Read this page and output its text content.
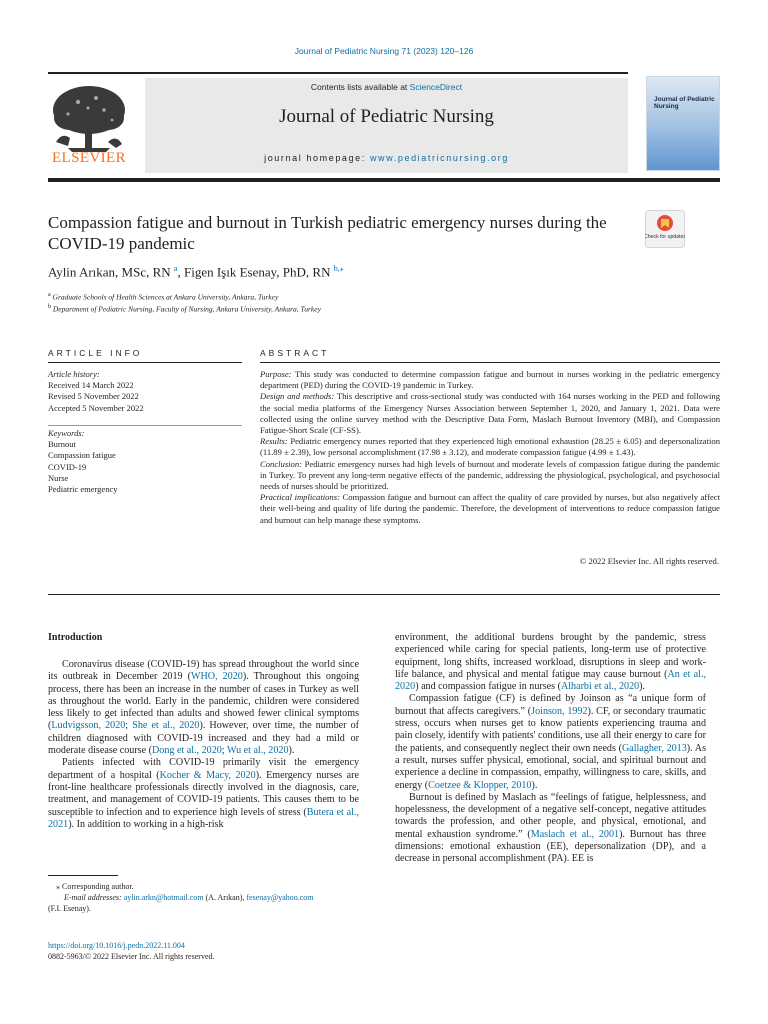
Journal of Pediatric Nursing 71 (2023) 120–126
ELSEVIER
Contents lists available at ScienceDirect
Journal of Pediatric Nursing
journal homepage: www.pediatricnursing.org
Journal of Pediatric Nursing
Compassion fatigue and burnout in Turkish pediatric emergency nurses during the COVID-19 pandemic	Check for updates
Aylin Arıkan, MSc, RN $^a$, Figen Işık Esenay, PhD, RN $^{b,⁎}$
$^a$ Graduate Schools of Health Sciences at Ankara University, Ankara, Turkey
$^b$ Department of Pediatric Nursing, Faculty of Nursing, Ankara University, Ankara, Turkey
ARTICLE INFO
Article history:
Received 14 March 2022
Revised 5 November 2022
Accepted 5 November 2022
Keywords:
Burnout
Compassion fatigue
COVID-19
Nurse
Pediatric emergency
ABSTRACT
Purpose: This study was conducted to determine compassion fatigue and burnout in nurses working in the pediatric emergency department (PED) during the COVID-19 pandemic in Turkey.
Design and methods: This descriptive and cross-sectional study was conducted with 164 nurses working in the PED and following the social media platforms of the Emergency Nurses Association between September 1, 2020, and January 1, 2021. Data were collected using the online survey method with the Descriptive Data Form, Maslach Burnout Inventory (MBI), and Compassion Fatigue-Short Scale (CF-SS).
Results: Pediatric emergency nurses reported that they experienced high emotional exhaustion (28.25 ± 6.05) and depersonalization (11.89 ± 2.39), low personal accomplishment (17.98 ± 3.12), and moderate compassion fatigue (4.99 ± 1.43).
Conclusion: Pediatric emergency nurses had high levels of burnout and moderate levels of compassion fatigue during the pandemic in Turkey. To prevent any long-term negative effects of the pandemic, addressing the physiological, psychological, and psychosocial needs of nurses should be prioritized.
Practical implications: Compassion fatigue and burnout can affect the quality of care provided by nurses, but also negatively affect their well-being and quality of life during the pandemic. Therefore, the development of interventions to reduce compassion fatigue and burnout can help manage these symptoms.
© 2022 Elsevier Inc. All rights reserved.
Introduction

Coronavirus disease (COVID-19) has spread throughout the world since its outbreak in December 2019 (WHO, 2020). Throughout this ongoing process, there has been an increase in the number of cases in Turkey as well as throughout the world. Early in the pandemic, children were considered less likely to get infected than adults and showed fewer clinical symptoms (Ludvigsson, 2020; She et al., 2020). However, over time, the number of children diagnosed with COVID-19 increased and they had a mild or moderate disease course (Dong et al., 2020; Wu et al., 2020).

Patients infected with COVID-19 primarily visit the emergency department of a hospital (Kocher & Macy, 2020). Emergency nurses are front-line healthcare professionals directly involved in the diagnosis, care, treatment, and management of COVID-19 patients. This causes them to be susceptible to infection and to experience high levels of stress (Butera et al., 2021). In addition to working in a high-risk

environment, the additional burdens brought by the pandemic, stress experienced while caring for special patients, long-term use of protective equipment, long shifts, increased workload, disruptions in sleep and work-life balance, and physical and mental fatigue may cause burnout (An et al., 2020) and compassion fatigue in nurses (Alharbi et al., 2020).

Compassion fatigue (CF) is defined by Joinson as “a unique form of burnout that affects caregivers.” (Joinson, 1992). CF, or secondary traumatic stress, occurs when nurses get to know patients experiencing trauma and pain closely, identify with patients' conditions, use all their energy to care for the patients, and consequently neglect their own needs (Gallagher, 2013). As a result, nurses suffer physical, emotional, social, and spiritual burnout and experience a decline in compassion, empathy, willingness to care, skills, and energy (Coetzee & Klopper, 2010).

Burnout is defined by Maslach as “feelings of fatigue, helplessness, and hopelessness, the development of a negative self-concept, negative attitudes towards the profession, and other people, and physical, emotional, and mental exhaustion syndrome.” (Maslach et al., 2001). Burnout has three dimensions: emotional exhaustion (EE), depersonalization (DP), and a decrease in personal accomplishment (PA). EE is

⁎ Corresponding author.
E-mail addresses: aylin.arkn@hotmail.com (A. Arıkan), fesenay@yahoo.com
(F.I. Esenay).
https://doi.org/10.1016/j.pedn.2022.11.004
0882-5963/© 2022 Elsevier Inc. All rights reserved.
